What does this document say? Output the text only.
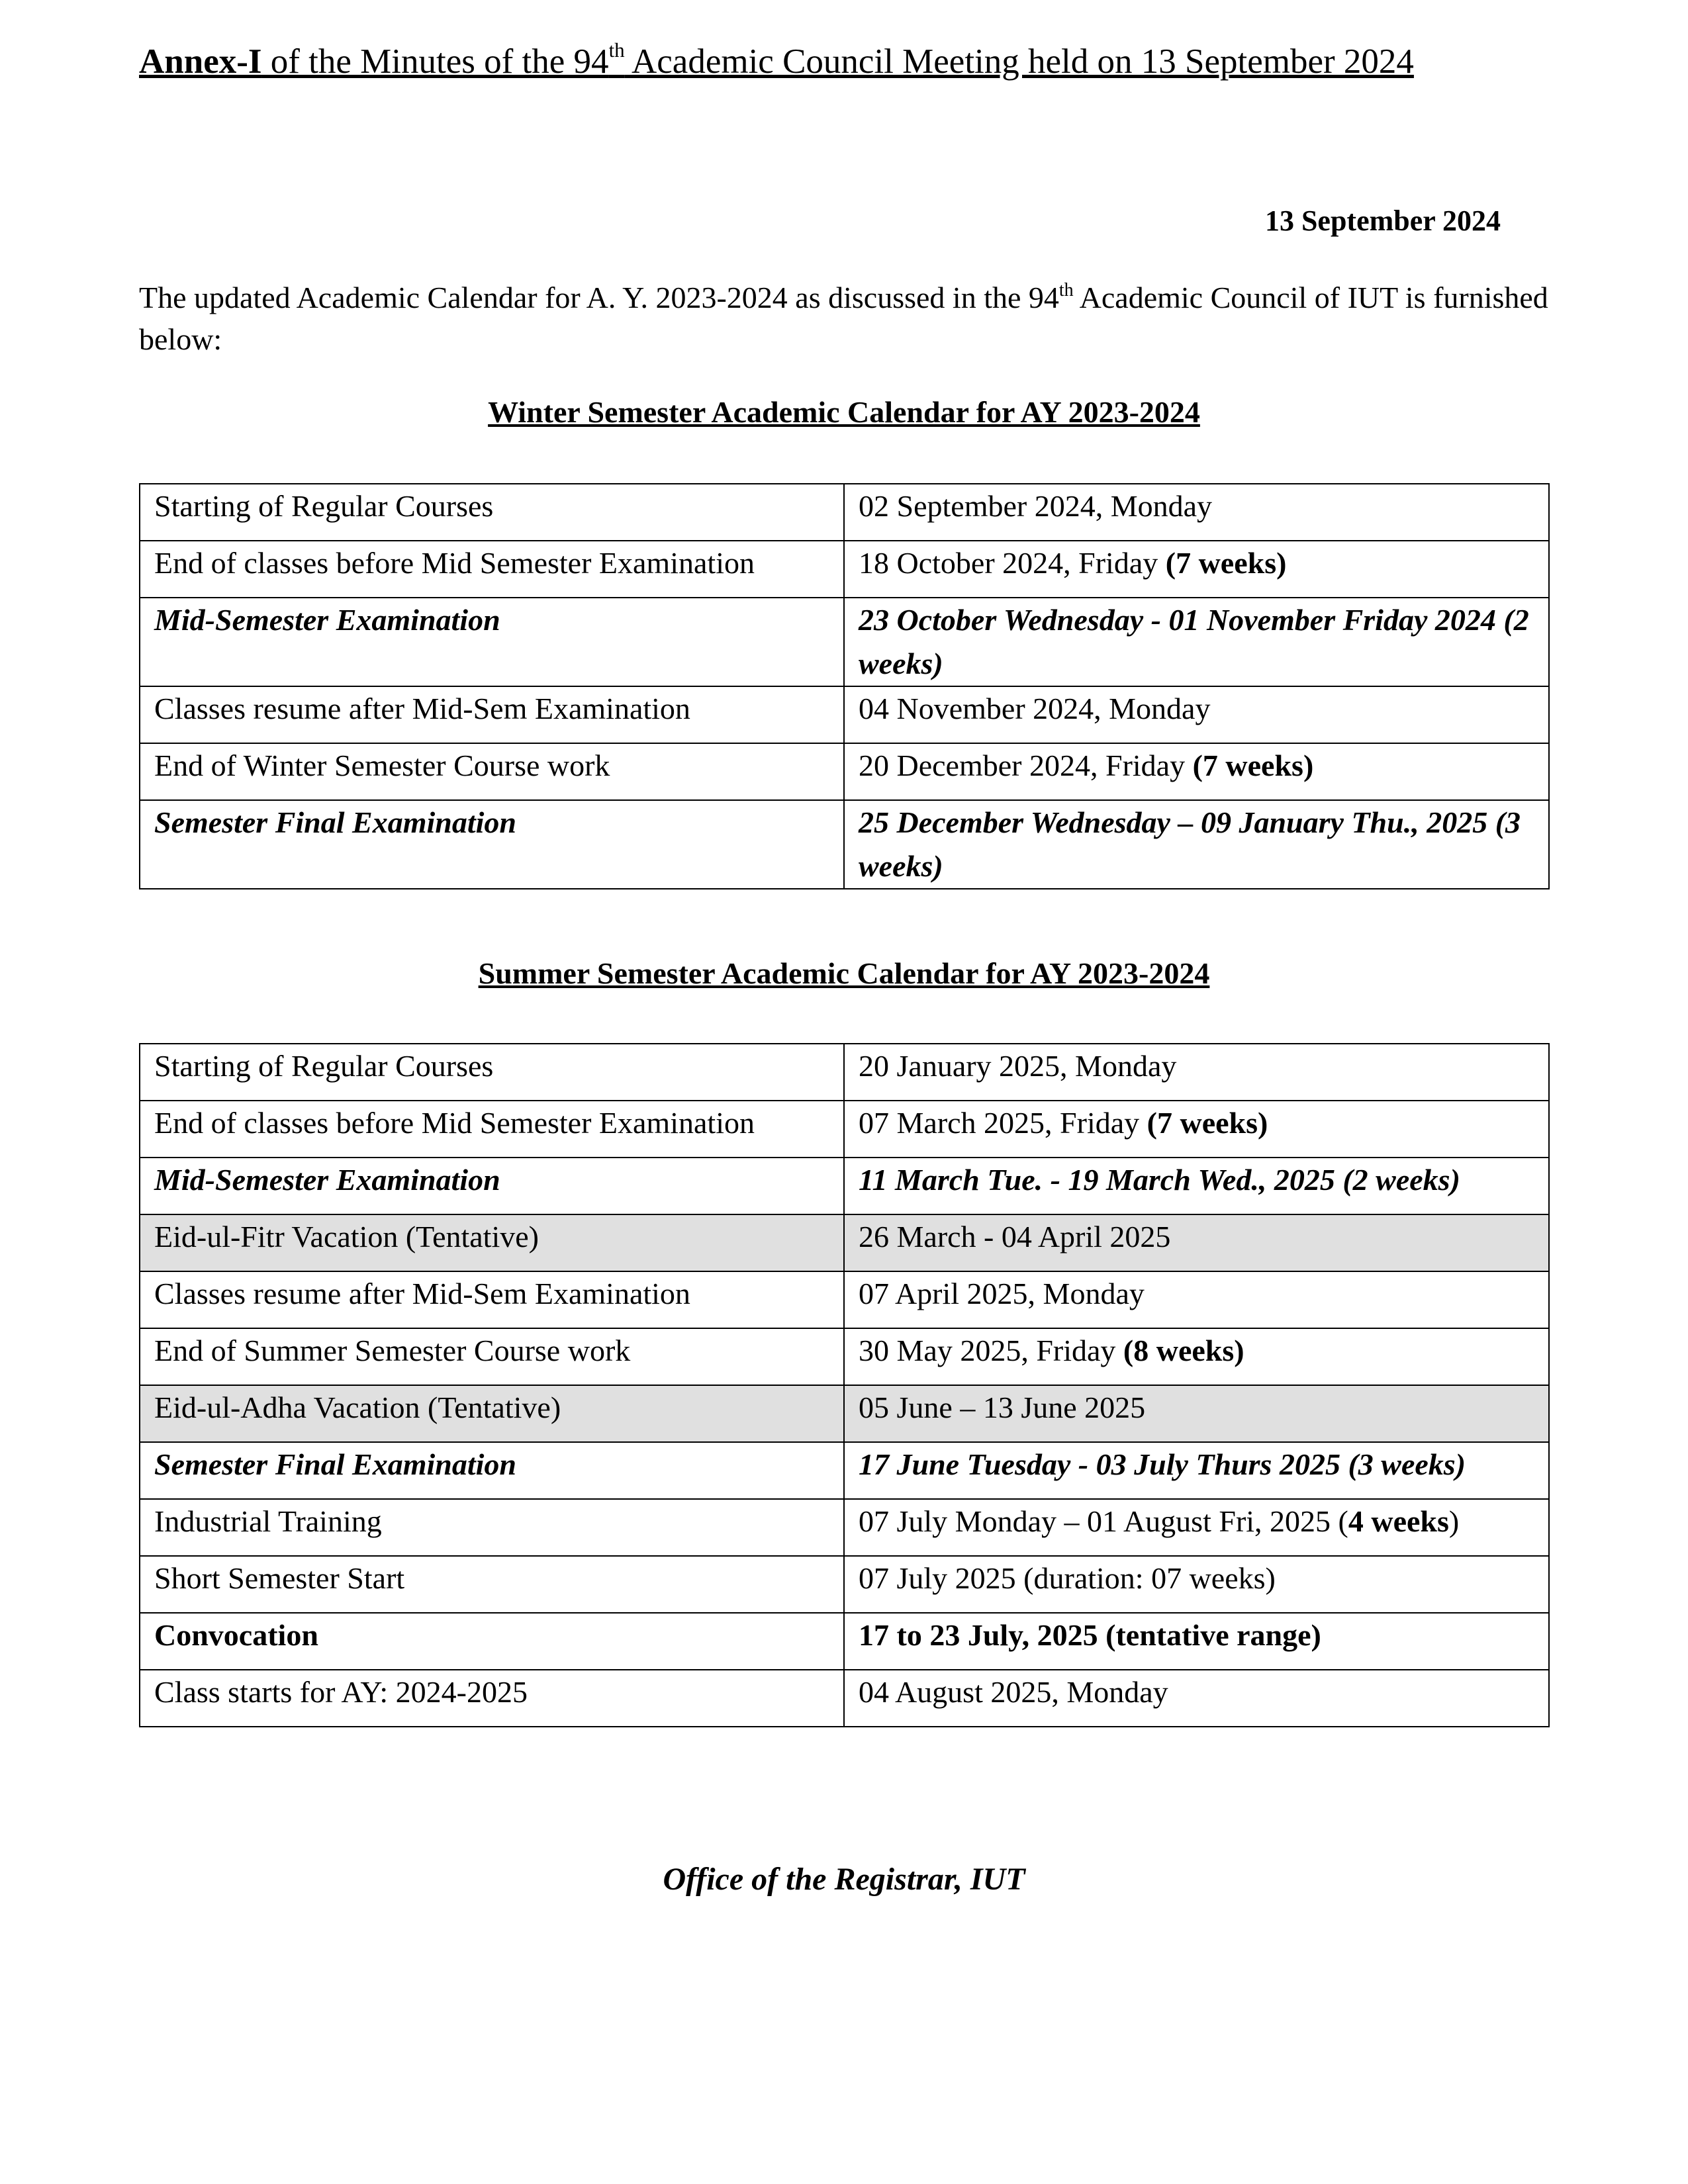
Annex-I of the Minutes of the 94th Academic Council Meeting held on 13 September 2024
13 September 2024
The updated Academic Calendar for A. Y. 2023-2024 as discussed in the 94th Academic Council of IUT is furnished below:
Winter Semester Academic Calendar for AY 2023-2024
Starting of Regular Courses	02 September 2024, Monday
End of classes before Mid Semester Examination	18 October 2024, Friday (7 weeks)
Mid-Semester Examination	23 October Wednesday - 01 November Friday 2024 (2 weeks)
Classes resume after Mid-Sem Examination	04 November 2024, Monday
End of Winter Semester Course work	20 December 2024, Friday (7 weeks)
Semester Final Examination	25 December Wednesday – 09 January Thu., 2025 (3 weeks)
Summer Semester Academic Calendar for AY 2023-2024
Starting of Regular Courses	20 January 2025, Monday
End of classes before Mid Semester Examination	07 March 2025, Friday (7 weeks)
Mid-Semester Examination	11 March Tue. - 19 March Wed., 2025 (2 weeks)
Eid-ul-Fitr Vacation (Tentative)	26 March - 04 April 2025
Classes resume after Mid-Sem Examination	07 April 2025, Monday
End of Summer Semester Course work	30 May 2025, Friday (8 weeks)
Eid-ul-Adha Vacation (Tentative)	05 June – 13 June 2025
Semester Final Examination	17 June Tuesday - 03 July Thurs 2025 (3 weeks)
Industrial Training	07 July Monday – 01 August Fri, 2025 (4 weeks)
Short Semester Start	07 July 2025 (duration: 07 weeks)
Convocation	17 to 23 July, 2025 (tentative range)
Class starts for AY: 2024-2025	04 August 2025, Monday
Office of the Registrar, IUT
